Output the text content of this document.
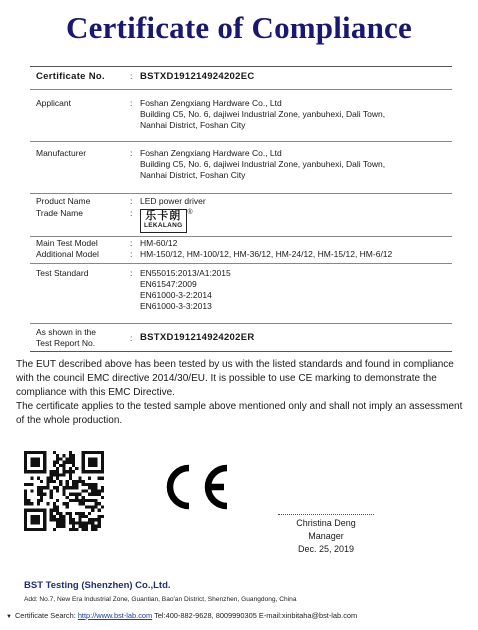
Certificate of Compliance
Certificate No.	: BSTXD191214924202EC
Applicant	: Foshan Zengxiang Hardware Co., Ltd
Building C5, No. 6, dajiwei Industrial Zone, yanbuhexi, Dali Town,
Nanhai District, Foshan City
Manufacturer	: Foshan Zengxiang Hardware Co., Ltd
Building C5, No. 6, dajiwei Industrial Zone, yanbuhexi, Dali Town,
Nanhai District, Foshan City
Product Name	: LED power driver
Trade Name	: 乐卡朗
LEKALANG
®
Main Test Model	: HM-60/12
Additional Model	: HM-150/12, HM-100/12, HM-36/12, HM-24/12, HM-15/12, HM-6/12
Test Standard	: EN55015:2013/A1:2015
EN61547:2009
EN61000-3-2:2014
EN61000-3-3:2013
As shown in the
Test Report No.	: BSTXD191214924202ER

The EUT described above has been tested by us with the listed standards and found in compliance with the council EMC directive 2014/30/EU. It is possible to use CE marking to demonstrate the compliance with this EMC Directive.

The certificate applies to the tested sample above mentioned only and shall not imply an assessment of the whole production.

Christina Deng
Manager
Dec. 25, 2019
BST Testing (Shenzhen) Co.,Ltd.
Add: No.7, New Era Industrial Zone, Guantian, Bao'an District, Shenzhen, Guangdong, China
▼ Certificate Search: http://www.bst-lab.com Tel:400-882-9628, 8009990305 E-mail:xinbitaha@bst-lab.com
